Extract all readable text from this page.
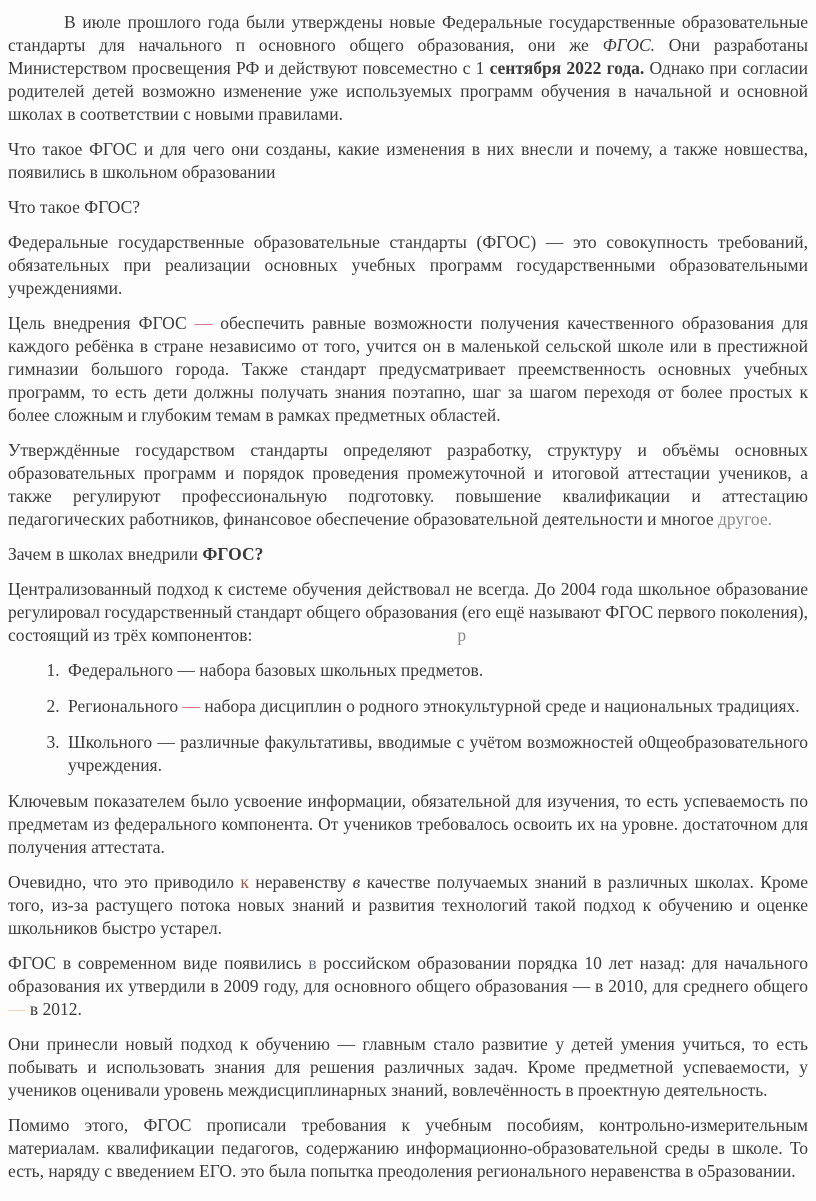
В июле прошлого года были утверждены новые Федеральные государственные образовательные стандарты для начального п основного общего образования, они же ФГОС. Они разработаны Министерством просвещения РФ и действуют повсеместно с 1 сентября 2022 года. Однако при согласии родителей детей возможно изменение уже используемых программ обучения в начальной и основной школах в соответствии с новыми правилами.

Что такое ФГОС и для чего они созданы, какие изменения в них внесли и почему, а также новшества, появились в школьном образовании

Что такое ФГОС?

Федеральные государственные образовательные стандарты (ФГОС) — это совокупность требований, обязательных при реализации основных учебных программ государственными образовательными учреждениями.

Цель внедрения ФГОС — обеспечить равные возможности получения качественного образования для каждого ребёнка в стране независимо от того, учится он в маленькой сельской школе или в престижной гимназии большого города. Также стандарт предусматривает преемственность основных учебных программ, то есть дети должны получать знания поэтапно, шаг за шагом переходя от более простых к более сложным и глубоким темам в рамках предметных областей.

Утверждённые государством стандарты определяют разработку, структуру и объёмы основных образовательных программ и порядок проведения промежуточной и итоговой аттестации учеников, а также регулируют профессиональную подготовку. повышение квалификации и аттестацию педагогических работников, финансовое обеспечение образовательной деятельности и многое другое.

Зачем в школах внедрили ФГОС?

Централизованный подход к системе обучения действовал не всегда. До 2004 года школьное образование регулировал государственный стандарт общего образования (его ещё называют ФГОС первого поколения), состоящий из трёх компонентов:	р

1. Федерального — набора базовых школьных предметов.
2. Регионального — набора дисциплин о родного этнокультурной среде и национальных традициях.
3. Школьного — различные факультативы, вводимые с учётом возможностей о0щеобразовательного учреждения.

Ключевым показателем было усвоение информации, обязательной для изучения, то есть успеваемость по предметам из федерального компонента. От учеников требовалось освоить их на уровне. достаточном для получения аттестата.

Очевидно, что это приводило к неравенству в качестве получаемых знаний в различных школах. Кроме того, из-за растущего потока новых знаний и развития технологий такой подход к обучению и оценке школьников быстро устарел.

ФГОС в современном виде появились в российском образовании порядка 10 лет назад: для начального образования их утвердили в 2009 году, для основного общего образования — в 2010, для среднего общего — в 2012.

Они принесли новый подход к обучению — главным стало развитие у детей умения учиться, то есть побывать и использовать знания для решения различных задач. Кроме предметной успеваемости, у учеников оценивали уровень междисциплинарных знаний, вовлечённость в проектную деятельность.

Помимо этого, ФГОС прописали требования к учебным пособиям, контрольно-измерительным материалам. квалификации педагогов, содержанию информационно-образовательной среды в школе. То есть, наряду с введением ЕГО. это была попытка преодоления регионального неравенства в о5разовании.
